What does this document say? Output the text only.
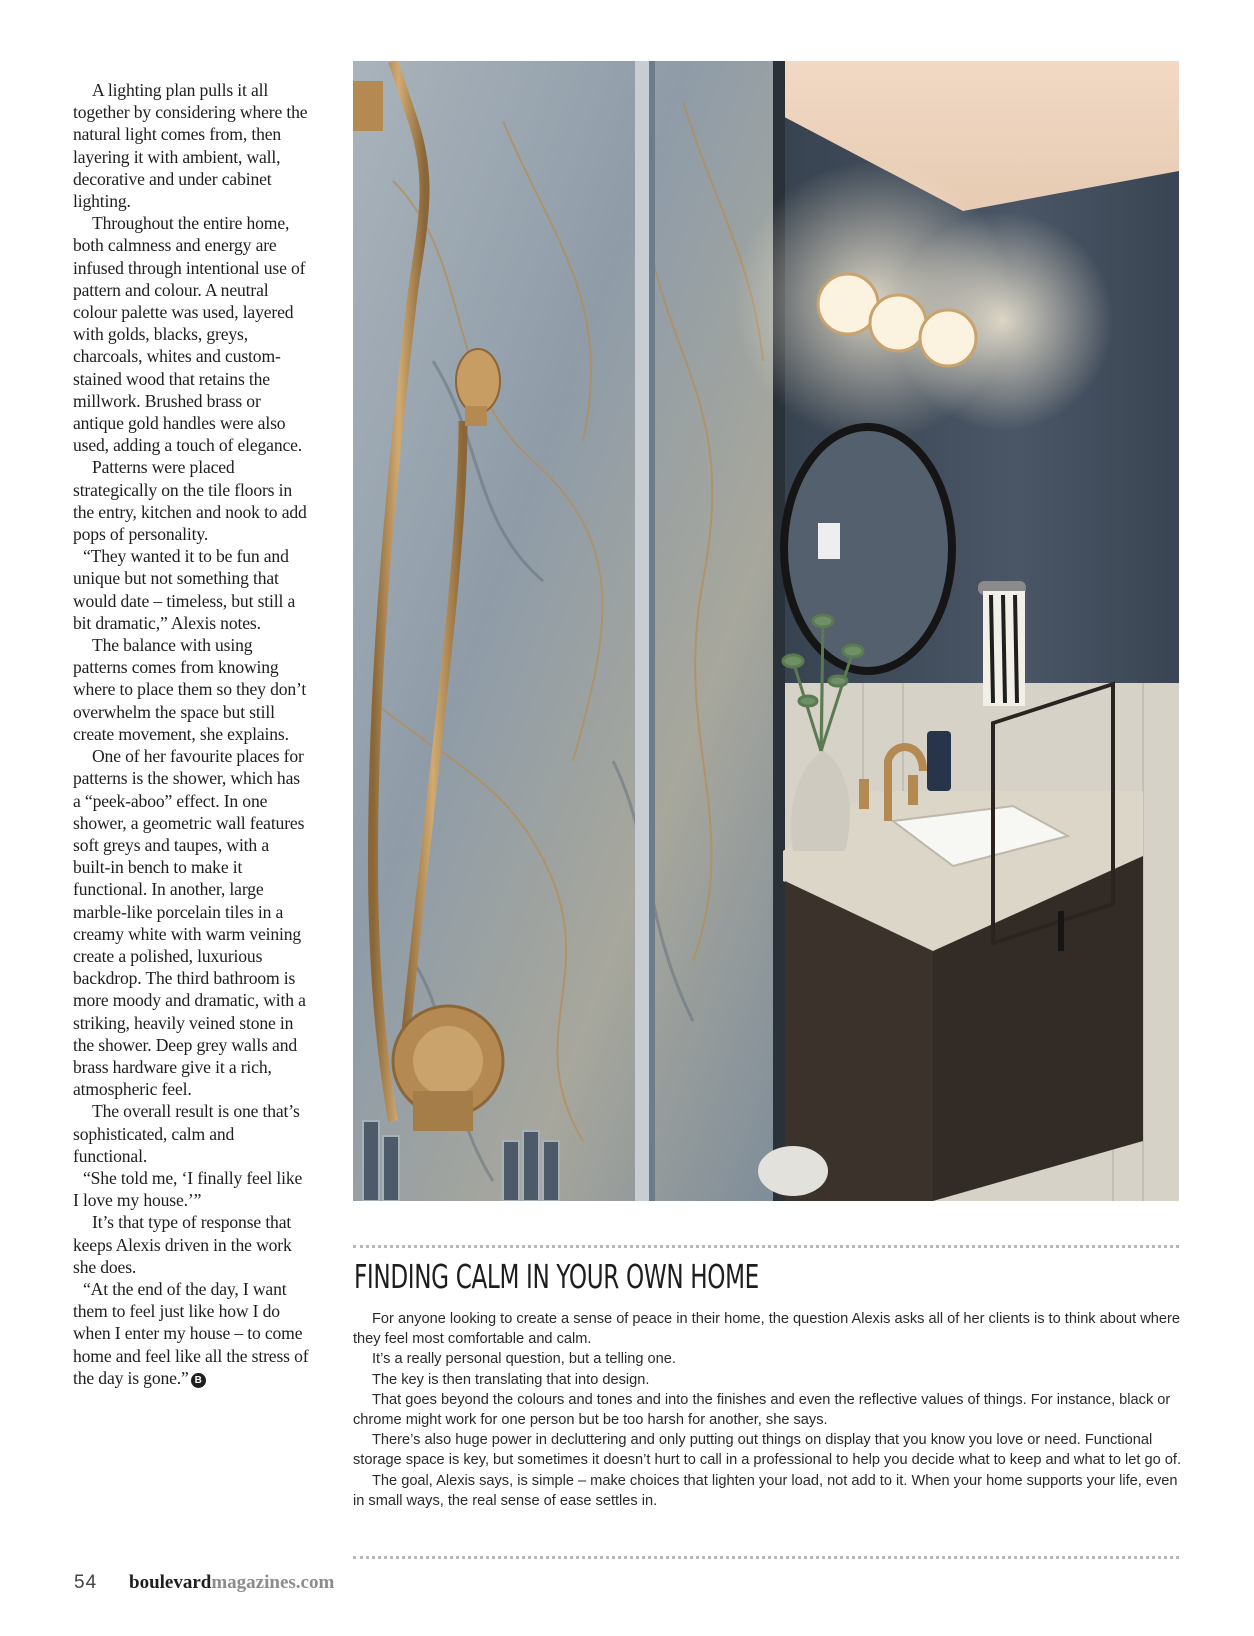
A lighting plan pulls it all together by considering where the natural light comes from, then layering it with ambient, wall, decorative and under cabinet lighting.

Throughout the entire home, both calmness and energy are infused through intentional use of pattern and colour. A neutral colour palette was used, layered with golds, blacks, greys, charcoals, whites and custom-stained wood that retains the millwork. Brushed brass or antique gold handles were also used, adding a touch of elegance.

Patterns were placed strategically on the tile floors in the entry, kitchen and nook to add pops of personality.

“They wanted it to be fun and unique but not something that would date – timeless, but still a bit dramatic,” Alexis notes.

The balance with using patterns comes from knowing where to place them so they don’t overwhelm the space but still create movement, she explains.

One of her favourite places for patterns is the shower, which has a “peek-aboo” effect. In one shower, a geometric wall features soft greys and taupes, with a built-in bench to make it functional. In another, large marble-like porcelain tiles in a creamy white with warm veining create a polished, luxurious backdrop. The third bathroom is more moody and dramatic, with a striking, heavily veined stone in the shower. Deep grey walls and brass hardware give it a rich, atmospheric feel.

The overall result is one that’s sophisticated, calm and functional.

“She told me, ‘I finally feel like I love my house.’”

It’s that type of response that keeps Alexis driven in the work she does.

“At the end of the day, I want them to feel just like how I do when I enter my house – to come home and feel like all the stress of the day is gone.” B

FINDING CALM IN YOUR OWN HOME

For anyone looking to create a sense of peace in their home, the question Alexis asks all of her clients is to think about where they feel most comfortable and calm.

It’s a really personal question, but a telling one.

The key is then translating that into design.

That goes beyond the colours and tones and into the finishes and even the reflective values of things. For instance, black or chrome might work for one person but be too harsh for another, she says.

There’s also huge power in decluttering and only putting out things on display that you know you love or need. Functional storage space is key, but sometimes it doesn’t hurt to call in a professional to help you decide what to keep and what to let go of.

The goal, Alexis says, is simple – make choices that lighten your load, not add to it. When your home supports your life, even in small ways, the real sense of ease settles in.

54 boulevardmagazines.com
